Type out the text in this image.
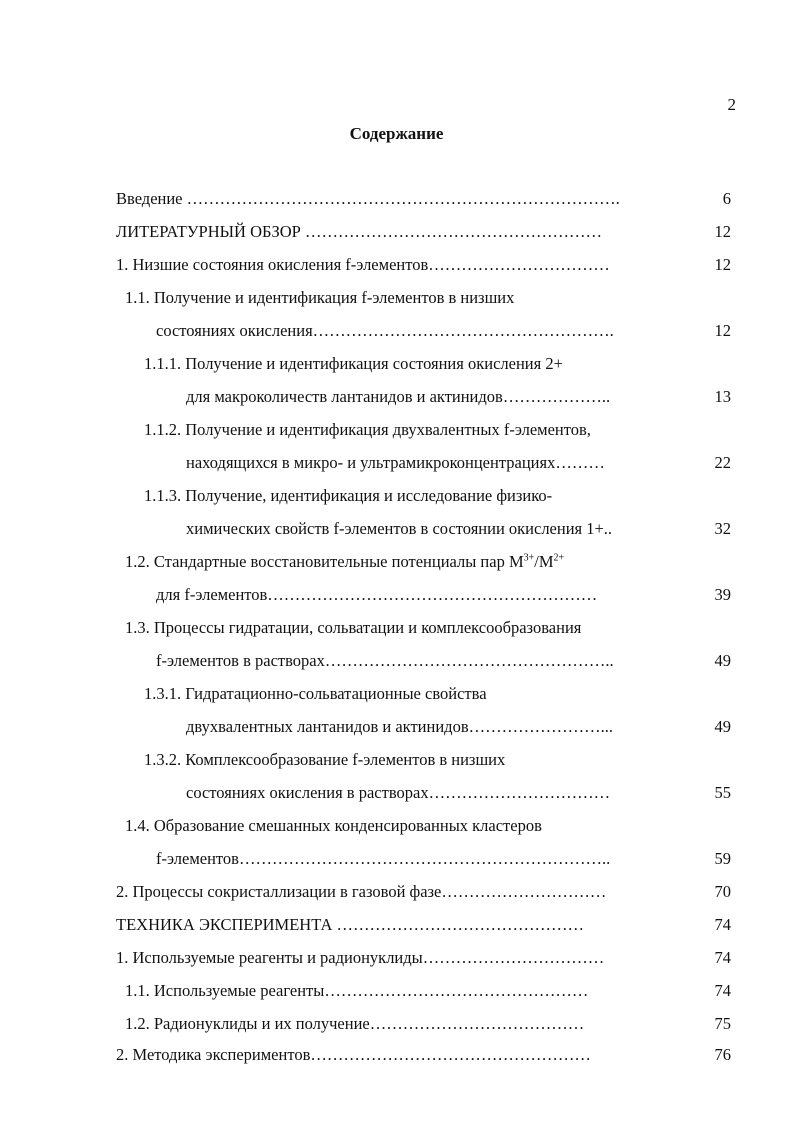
2
Содержание
Введение …………………………………………………………………….	6
ЛИТЕРАТУРНЫЙ ОБЗОР ………………………………………………	12
1. Низшие состояния окисления f-элементов……………………………	12
1.1. Получение и идентификация f-элементов в низших
состояниях окисления……………………………………………….	12
1.1.1. Получение и идентификация состояния окисления 2+
для макроколичеств лантанидов и актинидов………………..	13
1.1.2. Получение и идентификация двухвалентных f-элементов,
находящихся в микро- и ультрамикроконцентрациях………	22
1.1.3. Получение, идентификация и исследование физико-
химических свойств f-элементов в состоянии окисления 1+..	32
1.2. Стандартные восстановительные потенциалы пар $M^{3+}/M^{2+}$
для f-элементов……………………………………………………	39
1.3. Процессы гидратации, сольватации и комплексообразования
f-элементов в растворах……………………………………………..	49
1.3.1. Гидратационно-сольватационные свойства
двухвалентных лантанидов и актинидов……………………...	49
1.3.2. Комплексообразование f-элементов в низших
состояниях окисления в растворах……………………………	55
1.4. Образование смешанных конденсированных кластеров
f-элементов…………………………………………………………..	59
2. Процессы сокристаллизации в газовой фазе…………………………	70
ТЕХНИКА ЭКСПЕРИМЕНТА ………………………………………	74
1. Используемые реагенты и радионуклиды……………………………	74
1.1. Используемые реагенты…………………………………………	74
1.2. Радионуклиды и их получение…………………………………	75
2. Методика экспериментов……………………………………………	76
